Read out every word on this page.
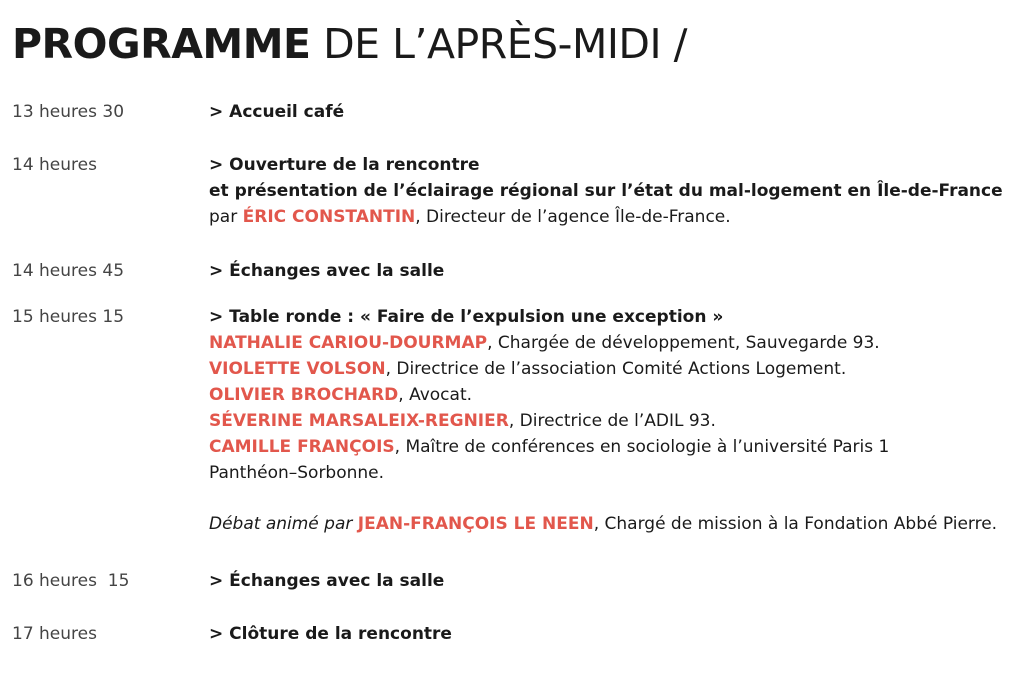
PROGRAMME DE L’APRÈS-MIDI /
13 heures 30	> Accueil café
14 heures	> Ouverture de la rencontre
et présentation de l’éclairage régional sur l’état du mal-logement en Île-de-France
par ÉRIC CONSTANTIN, Directeur de l’agence Île-de-France.
14 heures 45	> Échanges avec la salle
15 heures 15	> Table ronde : « Faire de l’expulsion une exception »
NATHALIE CARIOU-DOURMAP, Chargée de développement, Sauvegarde 93.
VIOLETTE VOLSON, Directrice de l’association Comité Actions Logement.
OLIVIER BROCHARD, Avocat.
SÉVERINE MARSALEIX-REGNIER, Directrice de l’ADIL 93.
CAMILLE FRANÇOIS, Maître de conférences en sociologie à l’université Paris 1 Panthéon–Sorbonne.
Débat animé par JEAN-FRANÇOIS LE NEEN, Chargé de mission à la Fondation Abbé Pierre.
16 heures  15	> Échanges avec la salle
17 heures	> Clôture de la rencontre
